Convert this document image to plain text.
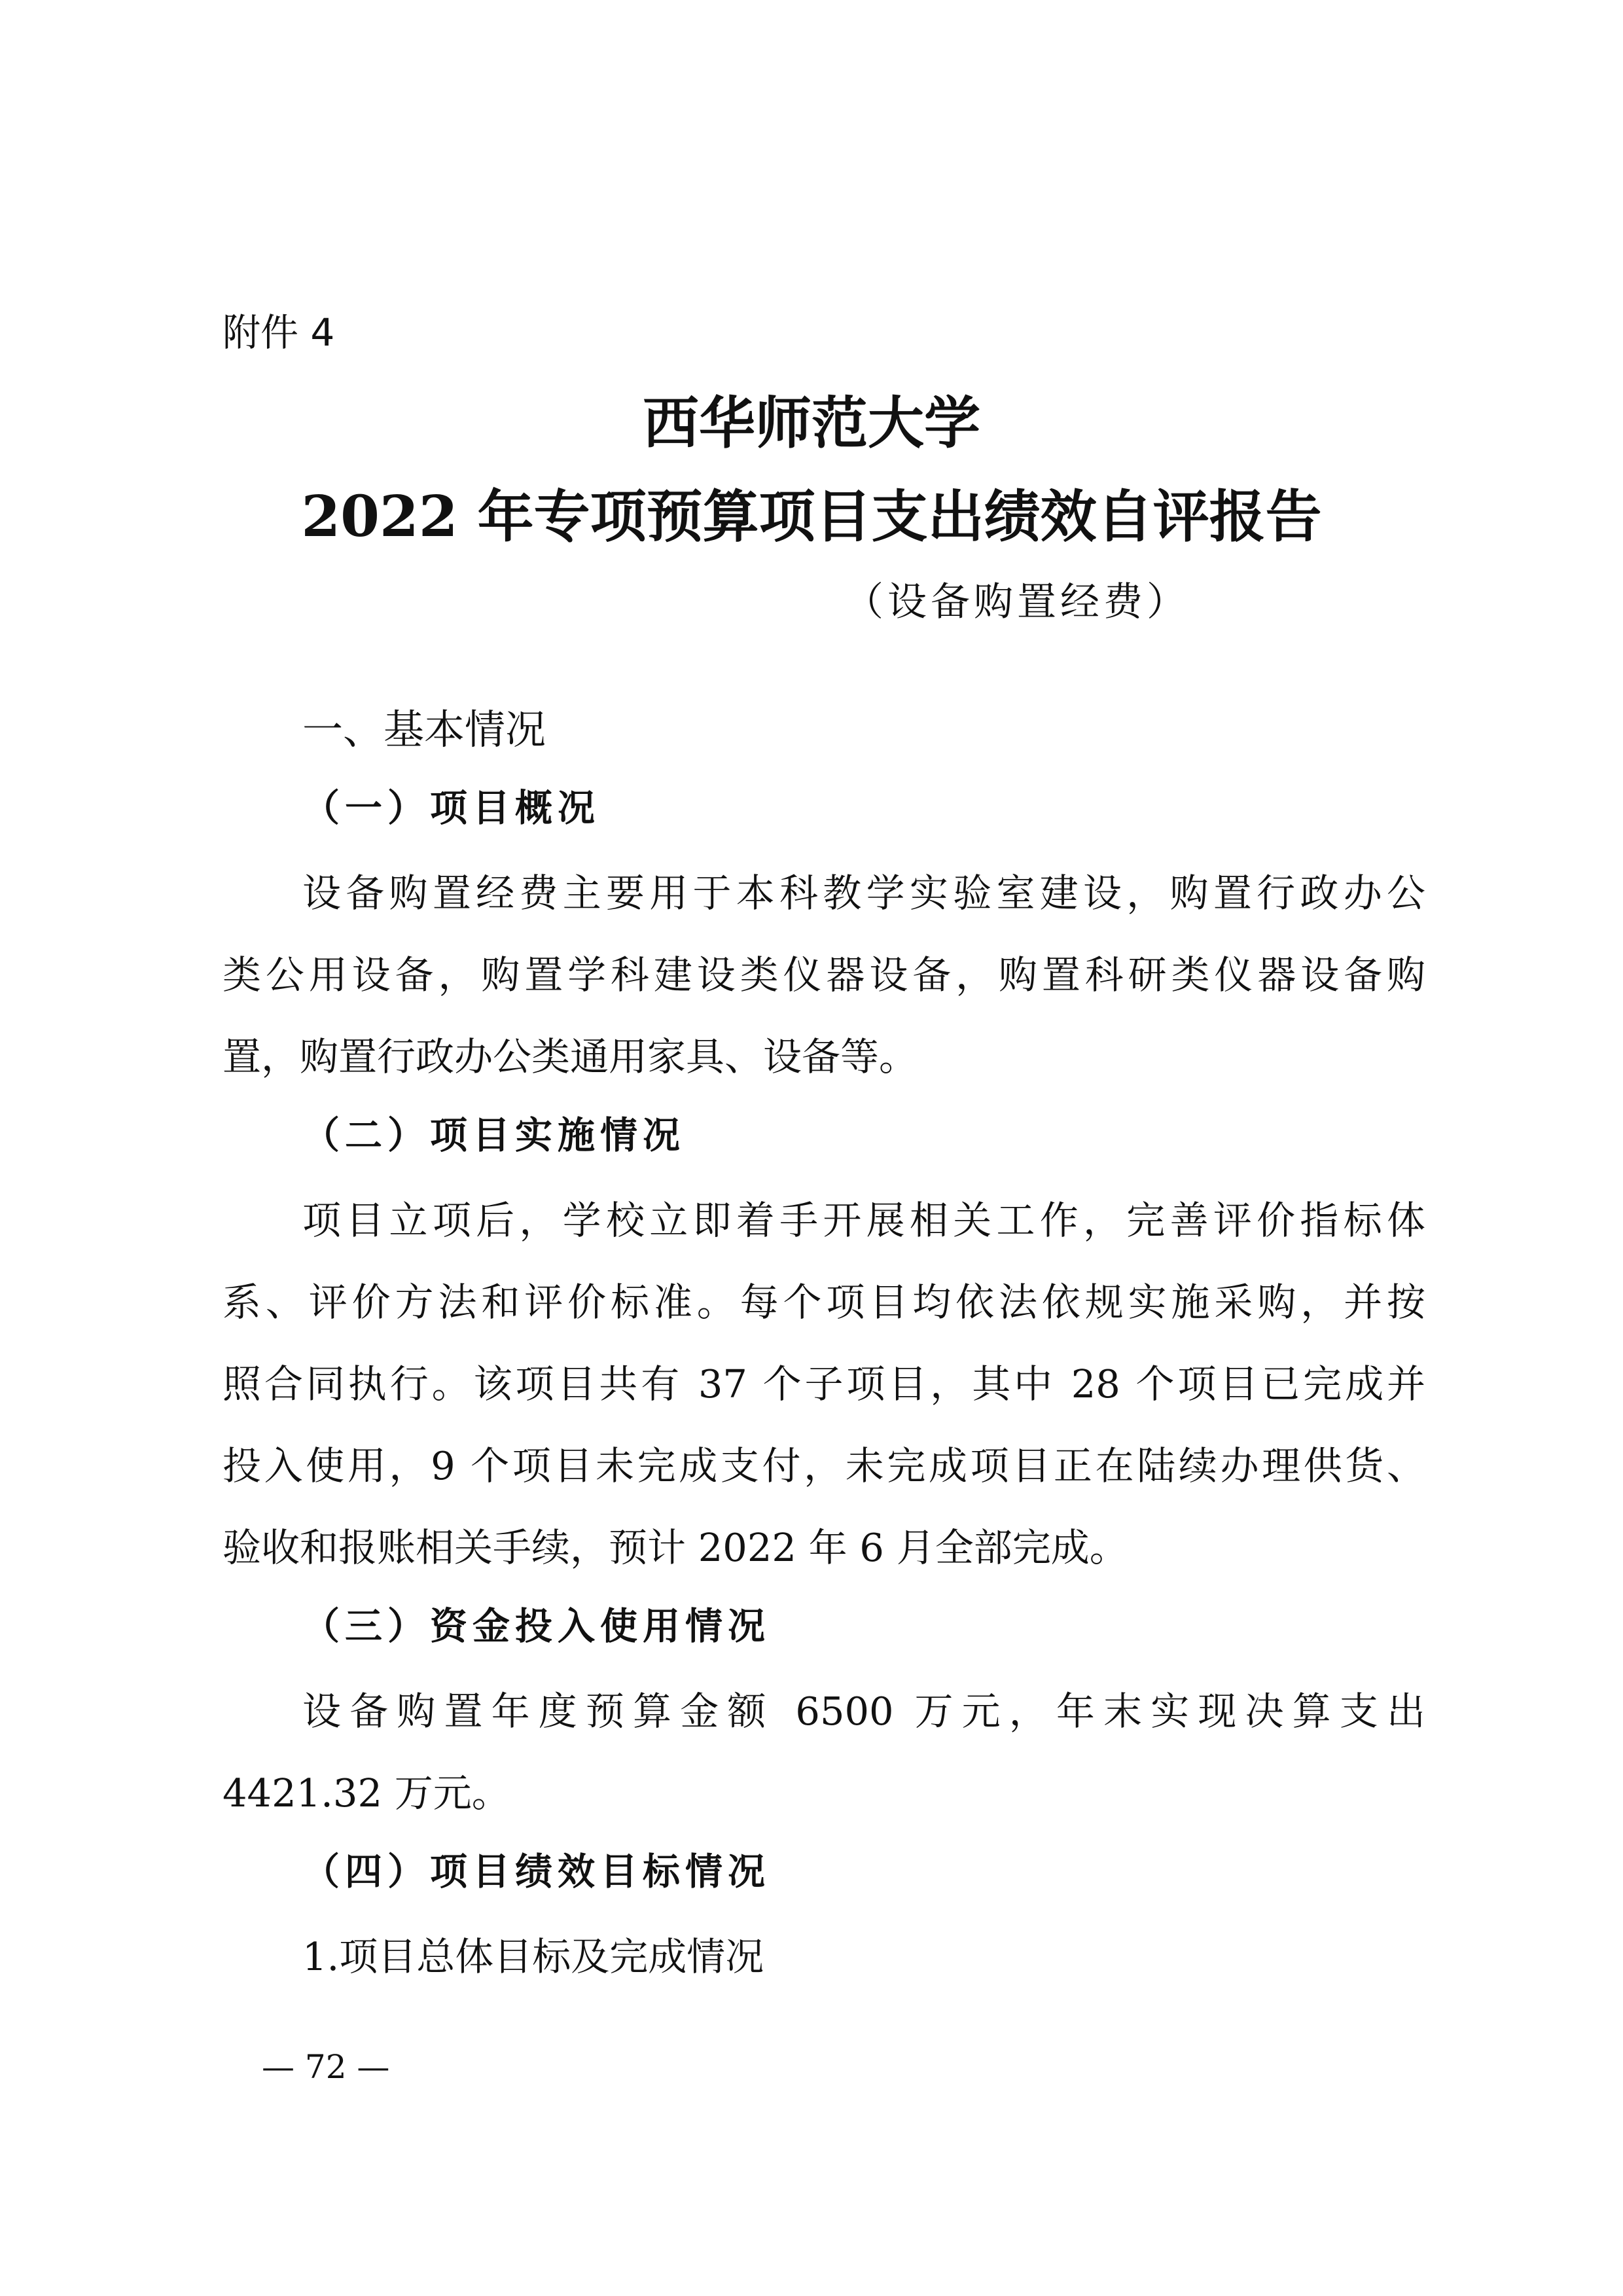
附件 4
西华师范大学
2022 年专项预算项目支出绩效自评报告
（设备购置经费）
一、基本情况
（一）项目概况
设备购置经费主要用于本科教学实验室建设，购置行政办公
类公用设备，购置学科建设类仪器设备，购置科研类仪器设备购
置，购置行政办公类通用家具、设备等。
（二）项目实施情况
项目立项后，学校立即着手开展相关工作，完善评价指标体
系、评价方法和评价标准。每个项目均依法依规实施采购，并按
照合同执行。该项目共有 37 个子项目，其中 28 个项目已完成并
投入使用，9 个项目未完成支付，未完成项目正在陆续办理供货、
验收和报账相关手续，预计 2022 年 6 月全部完成。
（三）资金投入使用情况
设备购置年度预算金额 6500 万元，年末实现决算支出
4421.32 万元。
（四）项目绩效目标情况
1.项目总体目标及完成情况
— 72 —
